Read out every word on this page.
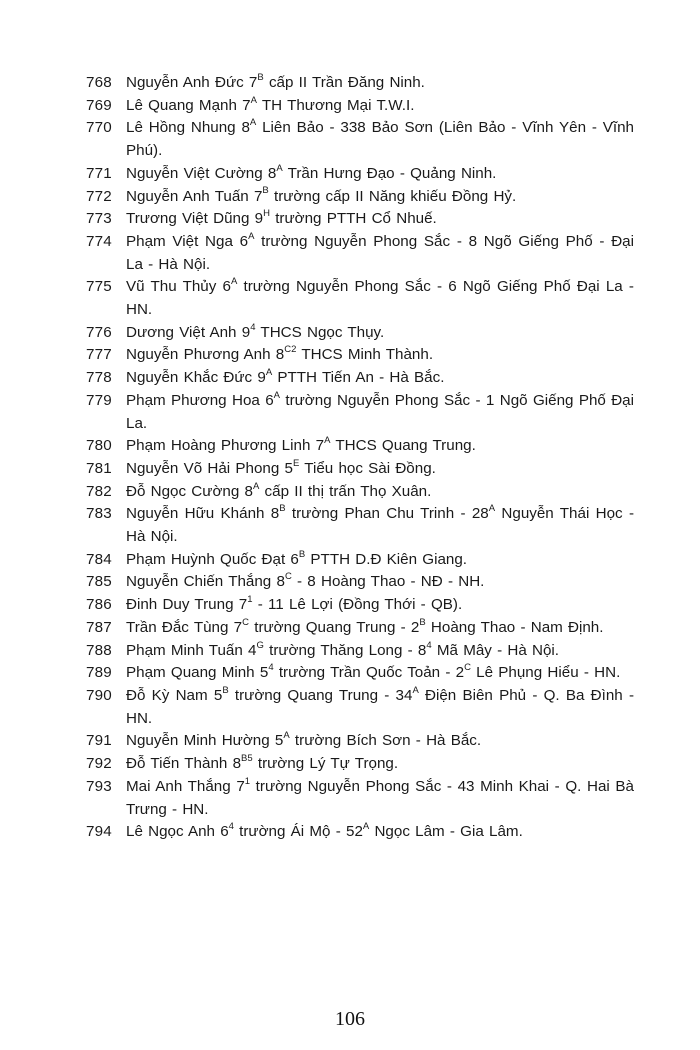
768 Nguyễn Anh Đức $7^B$ cấp II Trần Đăng Ninh.
769 Lê Quang Mạnh $7^A$ TH Thương Mại T.W.I.
770 Lê Hồng Nhung $8^A$ Liên Bảo - 338 Bảo Sơn (Liên Bảo - Vĩnh Yên - Vĩnh Phú).
771 Nguyễn Việt Cường $8^A$ Trần Hưng Đạo - Quảng Ninh.
772 Nguyễn Anh Tuấn $7^B$ trường cấp II Năng khiếu Đồng Hỷ.
773 Trương Việt Dũng $9^H$ trường PTTH Cổ Nhuế.
774 Phạm Việt Nga $6^A$ trường Nguyễn Phong Sắc - 8 Ngõ Giếng Phố - Đại La - Hà Nội.
775 Vũ Thu Thủy $6^A$ trường Nguyễn Phong Sắc - 6 Ngõ Giếng Phố Đại La - HN.
776 Dương Việt Anh $9^4$ THCS Ngọc Thụy.
777 Nguyễn Phương Anh $8^{C2}$ THCS Minh Thành.
778 Nguyễn Khắc Đức $9^A$ PTTH Tiến An - Hà Bắc.
779 Phạm Phương Hoa $6^A$ trường Nguyễn Phong Sắc - 1 Ngõ Giếng Phố Đại La.
780 Phạm Hoàng Phương Linh $7^A$ THCS Quang Trung.
781 Nguyễn Võ Hải Phong $5^E$ Tiểu học Sài Đồng.
782 Đỗ Ngọc Cường $8^A$ cấp II thị trấn Thọ Xuân.
783 Nguyễn Hữu Khánh $8^B$ trường Phan Chu Trinh - $28^A$ Nguyễn Thái Học - Hà Nội.
784 Phạm Huỳnh Quốc Đạt $6^B$ PTTH D.Đ Kiên Giang.
785 Nguyễn Chiến Thắng $8^C - 8$ Hoàng Thao - NĐ - NH.
786 Đinh Duy Trung $7^1 - 11$ Lê Lợi (Đồng Thới - QB).
787 Trần Đắc Tùng $7^C$ trường Quang Trung - $2^B$ Hoàng Thao - Nam Định.
788 Phạm Minh Tuấn $4^G$ trường Thăng Long - $8^4$ Mã Mây - Hà Nội.
789 Phạm Quang Minh $5^4$ trường Trần Quốc Toản - $2^C$ Lê Phụng Hiểu - HN.
790 Đỗ Kỳ Nam $5^B$ trường Quang Trung - $34^A$ Điện Biên Phủ - Q. Ba Đình - HN.
791 Nguyễn Minh Hường $5^A$ trường Bích Sơn - Hà Bắc.
792 Đỗ Tiến Thành $8^{B5}$ trường Lý Tự Trọng.
793 Mai Anh Thắng $7^1$ trường Nguyễn Phong Sắc - 43 Minh Khai - Q. Hai Bà Trưng - HN.
794 Lê Ngọc Anh $6^4$ trường Ái Mộ - $52^A$ Ngọc Lâm - Gia Lâm.
106
